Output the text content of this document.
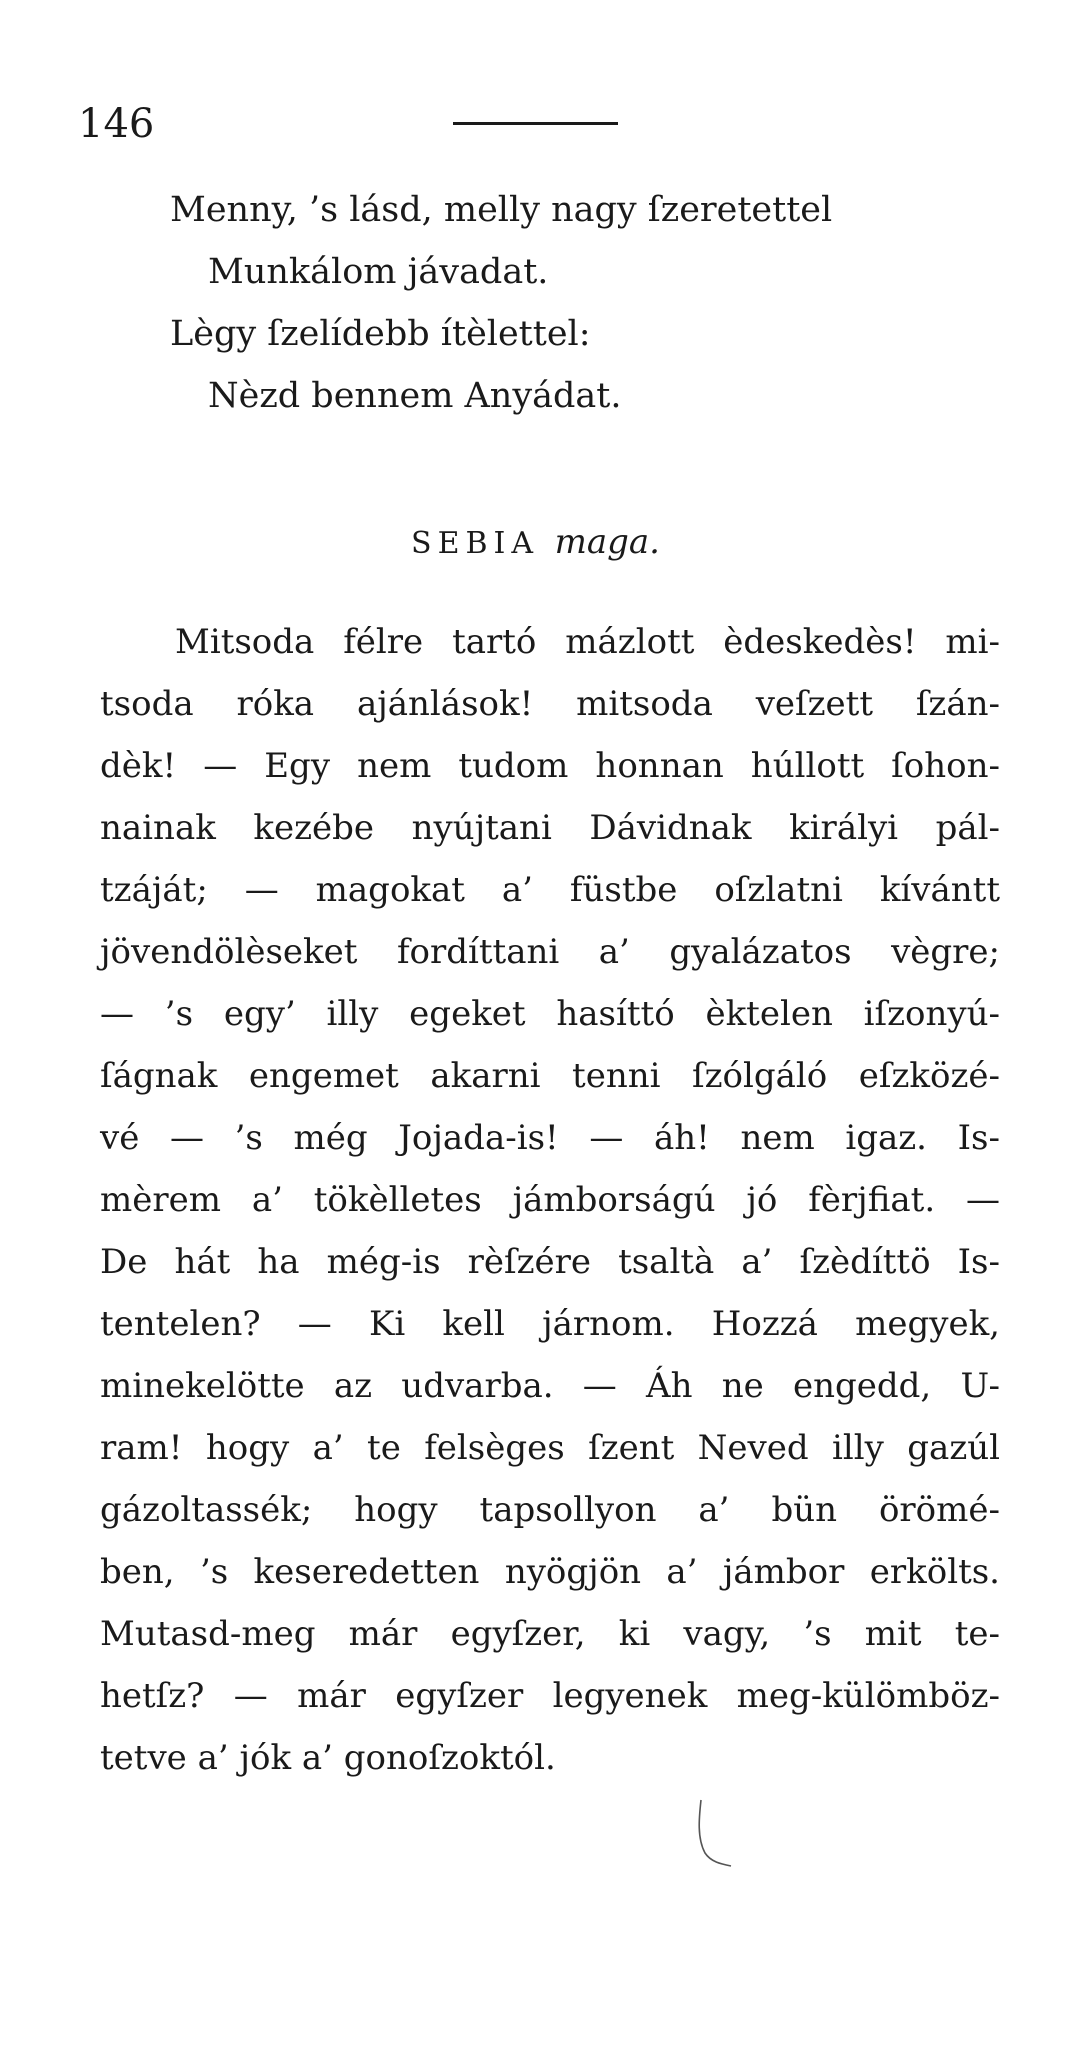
146
Menny, ’s lásd, melly nagy ſzeretettel
Munkálom jávadat.
Lègy ſzelídebb ítèlettel:
Nèzd bennem Anyádat.
SEBIA maga.
Mitsoda félre tartó mázlott èdeskedès! mi-
tsoda róka ajánlások! mitsoda veſzett ſzán-
dèk! — Egy nem tudom honnan húllott ſohon-
nainak kezébe nyújtani Dávidnak királyi pál-
tzáját; — magokat a’ füstbe oſzlatni kívántt
jövendölèseket fordíttani a’ gyalázatos vègre;
— ’s egy’ illy egeket hasíttó èktelen iſzonyú-
ſágnak engemet akarni tenni ſzólgáló eſzközé-
vé — ’s még Jojada-is! — áh! nem igaz. Is-
mèrem a’ tökèlletes jámborságú jó fèrjfiat. —
De hát ha még-is rèſzére tsaltà a’ ſzèdíttö Is-
tentelen? — Ki kell járnom. Hozzá megyek,
minekelötte az udvarba. — Áh ne engedd, U-
ram! hogy a’ te felsèges ſzent Neved illy gazúl
gázoltassék; hogy tapsollyon a’ bün örömé-
ben, ’s keseredetten nyögjön a’ jámbor erkölts.
Mutasd-meg már egyſzer, ki vagy, ’s mit te-
hetſz? — már egyſzer legyenek meg-külömböz-
tetve a’ jók a’ gonoſzoktól.
